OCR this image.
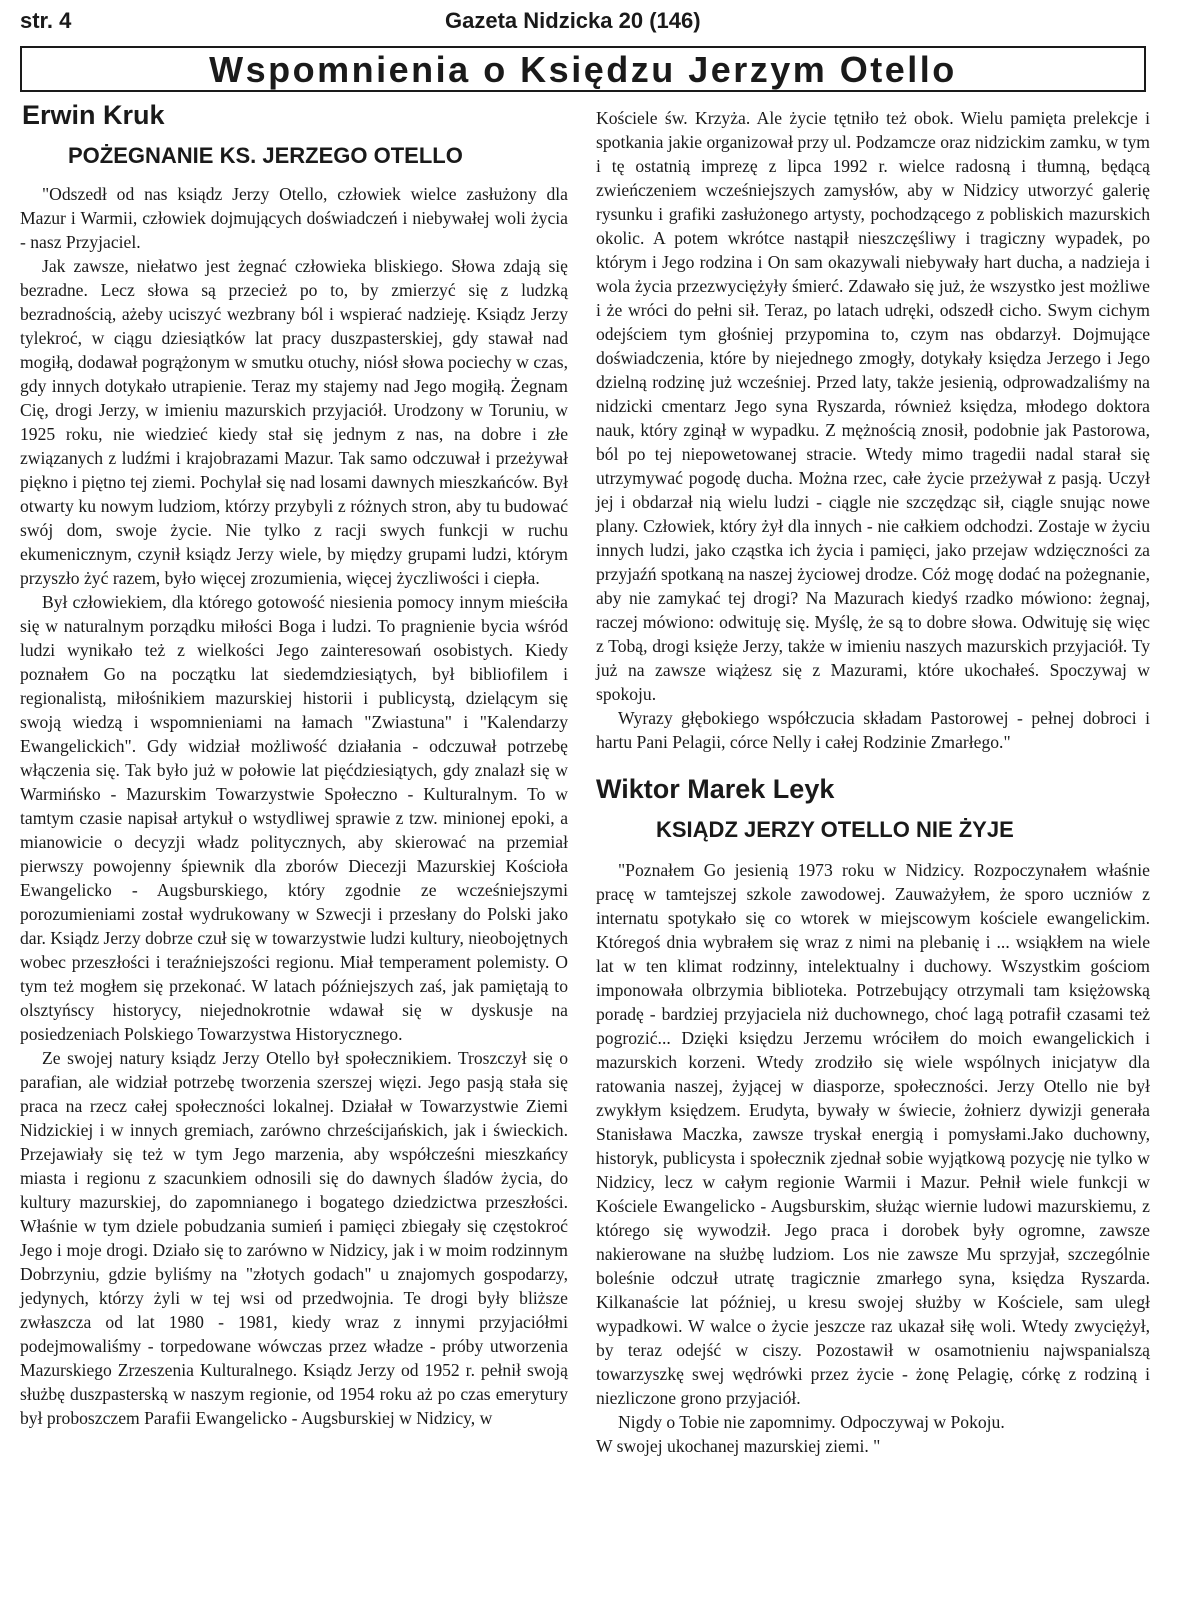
str. 4	Gazeta Nidzicka 20 (146)
Wspomnienia o Księdzu Jerzym Otello
Erwin Kruk
POŻEGNANIE KS. JERZEGO OTELLO

"Odszedł od nas ksiądz Jerzy Otello, człowiek wielce zasłużony dla Mazur i Warmii, człowiek dojmujących doświadczeń i niebywałej woli życia - nasz Przyjaciel.

Jak zawsze, niełatwo jest żegnać człowieka bliskiego. Słowa zdają się bezradne. Lecz słowa są przecież po to, by zmierzyć się z ludzką bezradnością, ażeby uciszyć wezbrany ból i wspierać nadzieję. Ksiądz Jerzy tylekroć, w ciągu dziesiątków lat pracy duszpasterskiej, gdy stawał nad mogiłą, dodawał pogrążonym w smutku otuchy, niósł słowa pociechy w czas, gdy innych dotykało utrapienie. Teraz my stajemy nad Jego mogiłą. Żegnam Cię, drogi Jerzy, w imieniu mazurskich przyjaciół. Urodzony w Toruniu, w 1925 roku, nie wiedzieć kiedy stał się jednym z nas, na dobre i złe związanych z ludźmi i krajobrazami Mazur. Tak samo odczuwał i przeżywał piękno i piętno tej ziemi. Pochylał się nad losami dawnych mieszkańców. Był otwarty ku nowym ludziom, którzy przybyli z różnych stron, aby tu budować swój dom, swoje życie. Nie tylko z racji swych funkcji w ruchu ekumenicznym, czynił ksiądz Jerzy wiele, by między grupami ludzi, którym przyszło żyć razem, było więcej zrozumienia, więcej życzliwości i ciepła.

Był człowiekiem, dla którego gotowość niesienia pomocy innym mieściła się w naturalnym porządku miłości Boga i ludzi. To pragnienie bycia wśród ludzi wynikało też z wielkości Jego zainteresowań osobistych. Kiedy poznałem Go na początku lat siedemdziesiątych, był bibliofilem i regionalistą, miłośnikiem mazurskiej historii i publicystą, dzielącym się swoją wiedzą i wspomnieniami na łamach "Zwiastuna" i "Kalendarzy Ewangelickich". Gdy widział możliwość działania - odczuwał potrzebę włączenia się. Tak było już w połowie lat pięćdziesiątych, gdy znalazł się w Warmińsko - Mazurskim Towarzystwie Społeczno - Kulturalnym. To w tamtym czasie napisał artykuł o wstydliwej sprawie z tzw. minionej epoki, a mianowicie o decyzji władz politycznych, aby skierować na przemiał pierwszy powojenny śpiewnik dla zborów Diecezji Mazurskiej Kościoła Ewangelicko - Augsburskiego, który zgodnie ze wcześniejszymi porozumieniami został wydrukowany w Szwecji i przesłany do Polski jako dar. Ksiądz Jerzy dobrze czuł się w towarzystwie ludzi kultury, nieobojętnych wobec przeszłości i teraźniejszości regionu. Miał temperament polemisty. O tym też mogłem się przekonać. W latach późniejszych zaś, jak pamiętają to olsztyńscy historycy, niejednokrotnie wdawał się w dyskusje na posiedzeniach Polskiego Towarzystwa Historycznego.

Ze swojej natury ksiądz Jerzy Otello był społecznikiem. Troszczył się o parafian, ale widział potrzebę tworzenia szerszej więzi. Jego pasją stała się praca na rzecz całej społeczności lokalnej. Działał w Towarzystwie Ziemi Nidzickiej i w innych gremiach, zarówno chrześcijańskich, jak i świeckich. Przejawiały się też w tym Jego marzenia, aby współcześni mieszkańcy miasta i regionu z szacunkiem odnosili się do dawnych śladów życia, do kultury mazurskiej, do zapomnianego i bogatego dziedzictwa przeszłości. Właśnie w tym dziele pobudzania sumień i pamięci zbiegały się częstokroć Jego i moje drogi. Działo się to zarówno w Nidzicy, jak i w moim rodzinnym Dobrzyniu, gdzie byliśmy na "złotych godach" u znajomych gospodarzy, jedynych, którzy żyli w tej wsi od przedwojnia. Te drogi były bliższe zwłaszcza od lat 1980 - 1981, kiedy wraz z innymi przyjaciółmi podejmowaliśmy - torpedowane wówczas przez władze - próby utworzenia Mazurskiego Zrzeszenia Kulturalnego. Ksiądz Jerzy od 1952 r. pełnił swoją służbę duszpasterską w naszym regionie, od 1954 roku aż po czas emerytury był proboszczem Parafii Ewangelicko - Augsburskiej w Nidzicy, w

Kościele św. Krzyża. Ale życie tętniło też obok. Wielu pamięta prelekcje i spotkania jakie organizował przy ul. Podzamcze oraz nidzickim zamku, w tym i tę ostatnią imprezę z lipca 1992 r. wielce radosną i tłumną, będącą zwieńczeniem wcześniejszych zamysłów, aby w Nidzicy utworzyć galerię rysunku i grafiki zasłużonego artysty, pochodzącego z pobliskich mazurskich okolic. A potem wkrótce nastąpił nieszczęśliwy i tragiczny wypadek, po którym i Jego rodzina i On sam okazywali niebywały hart ducha, a nadzieja i wola życia przezwyciężyły śmierć. Zdawało się już, że wszystko jest możliwe i że wróci do pełni sił. Teraz, po latach udręki, odszedł cicho. Swym cichym odejściem tym głośniej przypomina to, czym nas obdarzył. Dojmujące doświadczenia, które by niejednego zmogły, dotykały księdza Jerzego i Jego dzielną rodzinę już wcześniej. Przed laty, także jesienią, odprowadzaliśmy na nidzicki cmentarz Jego syna Ryszarda, również księdza, młodego doktora nauk, który zginął w wypadku. Z mężnością znosił, podobnie jak Pastorowa, ból po tej niepowetowanej stracie. Wtedy mimo tragedii nadal starał się utrzymywać pogodę ducha. Można rzec, całe życie przeżywał z pasją. Uczył jej i obdarzał nią wielu ludzi - ciągle nie szczędząc sił, ciągle snując nowe plany. Człowiek, który żył dla innych - nie całkiem odchodzi. Zostaje w życiu innych ludzi, jako cząstka ich życia i pamięci, jako przejaw wdzięczności za przyjaźń spotkaną na naszej życiowej drodze. Cóż mogę dodać na pożegnanie, aby nie zamykać tej drogi? Na Mazurach kiedyś rzadko mówiono: żegnaj, raczej mówiono: odwituję się. Myślę, że są to dobre słowa. Odwituję się więc z Tobą, drogi księże Jerzy, także w imieniu naszych mazurskich przyjaciół. Ty już na zawsze wiążesz się z Mazurami, które ukochałeś. Spoczywaj w spokoju.

Wyrazy głębokiego współczucia składam Pastorowej - pełnej dobroci i hartu Pani Pelagii, córce Nelly i całej Rodzinie Zmarłego."

Wiktor Marek Leyk
KSIĄDZ JERZY OTELLO NIE ŻYJE

"Poznałem Go jesienią 1973 roku w Nidzicy. Rozpoczynałem właśnie pracę w tamtejszej szkole zawodowej. Zauważyłem, że sporo uczniów z internatu spotykało się co wtorek w miejscowym kościele ewangelickim. Któregoś dnia wybrałem się wraz z nimi na plebanię i ... wsiąkłem na wiele lat w ten klimat rodzinny, intelektualny i duchowy. Wszystkim gościom imponowała olbrzymia biblioteka. Potrzebujący otrzymali tam księżowską poradę - bardziej przyjaciela niż duchownego, choć lagą potrafił czasami też pogrozić... Dzięki księdzu Jerzemu wróciłem do moich ewangelickich i mazurskich korzeni. Wtedy zrodziło się wiele wspólnych inicjatyw dla ratowania naszej, żyjącej w diasporze, społeczności. Jerzy Otello nie był zwykłym księdzem. Erudyta, bywały w świecie, żołnierz dywizji generała Stanisława Maczka, zawsze tryskał energią i pomysłami.Jako duchowny, historyk, publicysta i społecznik zjednał sobie wyjątkową pozycję nie tylko w Nidzicy, lecz w całym regionie Warmii i Mazur. Pełnił wiele funkcji w Kościele Ewangelicko - Augsburskim, służąc wiernie ludowi mazurskiemu, z którego się wywodził. Jego praca i dorobek były ogromne, zawsze nakierowane na służbę ludziom. Los nie zawsze Mu sprzyjał, szczególnie boleśnie odczuł utratę tragicznie zmarłego syna, księdza Ryszarda. Kilkanaście lat później, u kresu swojej służby w Kościele, sam uległ wypadkowi. W walce o życie jeszcze raz ukazał siłę woli. Wtedy zwyciężył, by teraz odejść w ciszy. Pozostawił w osamotnieniu najwspanialszą towarzyszkę swej wędrówki przez życie - żonę Pelagię, córkę z rodziną i niezliczone grono przyjaciół.

Nigdy o Tobie nie zapomnimy. Odpoczywaj w Pokoju.

W swojej ukochanej mazurskiej ziemi. "
